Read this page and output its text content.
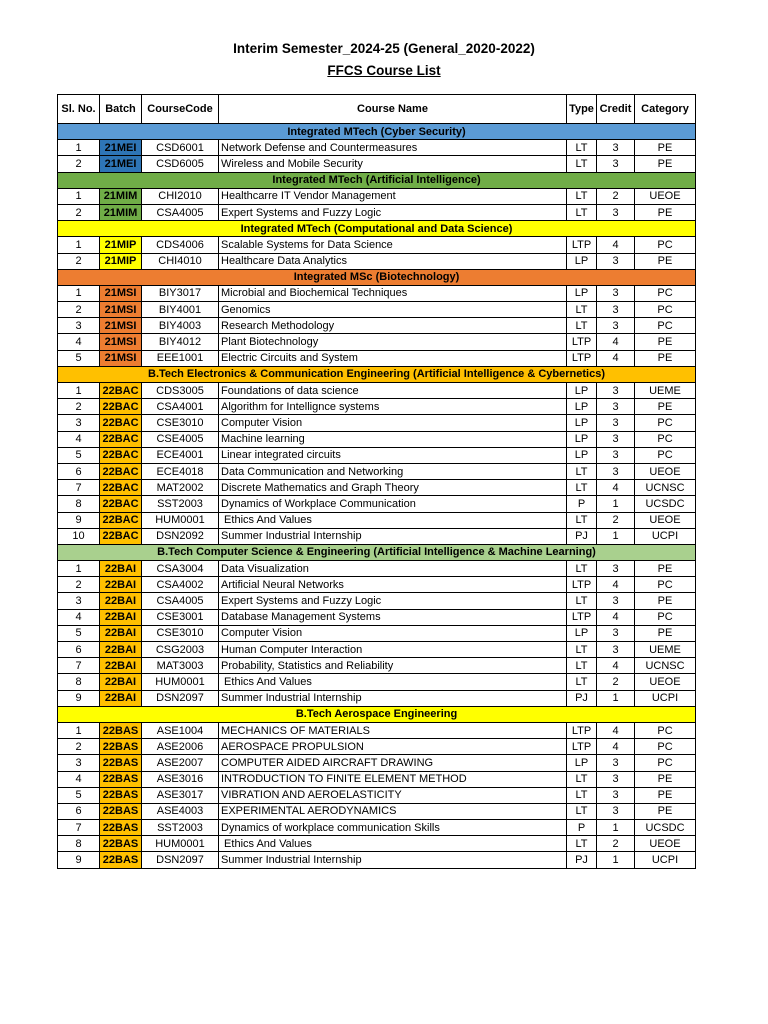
Interim Semester_2024-25 (General_2020-2022)
FFCS Course List
Sl. No.	Batch	CourseCode	Course Name	Type	Credit	Category
Integrated MTech (Cyber Security)						
1	21MEI	CSD6001	Network Defense and Countermeasures	LT	3	PE
2	21MEI	CSD6005	Wireless and Mobile Security	LT	3	PE
Integrated MTech (Artificial Intelligence)						
1	21MIM	CHI2010	Healthcarre IT Vendor Management	LT	2	UEOE
2	21MIM	CSA4005	Expert Systems and Fuzzy Logic	LT	3	PE
Integrated MTech (Computational and Data Science)						
1	21MIP	CDS4006	Scalable Systems for Data Science	LTP	4	PC
2	21MIP	CHI4010	Healthcare Data Analytics	LP	3	PE
Integrated MSc (Biotechnology)						
1	21MSI	BIY3017	Microbial and Biochemical Techniques	LP	3	PC
2	21MSI	BIY4001	Genomics	LT	3	PC
3	21MSI	BIY4003	Research Methodology	LT	3	PC
4	21MSI	BIY4012	Plant Biotechnology	LTP	4	PE
5	21MSI	EEE1001	Electric Circuits and System	LTP	4	PE
B.Tech Electronics & Communication Engineering (Artificial Intelligence & Cybernetics)						
1	22BAC	CDS3005	Foundations of data science	LP	3	UEME
2	22BAC	CSA4001	Algorithm for Intellignce systems	LP	3	PE
3	22BAC	CSE3010	Computer Vision	LP	3	PC
4	22BAC	CSE4005	Machine learning	LP	3	PC
5	22BAC	ECE4001	Linear integrated circuits	LP	3	PC
6	22BAC	ECE4018	Data Communication and Networking	LT	3	UEOE
7	22BAC	MAT2002	Discrete Mathematics and Graph Theory	LT	4	UCNSC
8	22BAC	SST2003	Dynamics of Workplace Communication	P	1	UCSDC
9	22BAC	HUM0001	Ethics And Values	LT	2	UEOE
10	22BAC	DSN2092	Summer Industrial Internship	PJ	1	UCPI
B.Tech Computer Science & Engineering (Artificial Intelligence & Machine Learning)						
1	22BAI	CSA3004	Data Visualization	LT	3	PE
2	22BAI	CSA4002	Artificial Neural Networks	LTP	4	PC
3	22BAI	CSA4005	Expert Systems and Fuzzy Logic	LT	3	PE
4	22BAI	CSE3001	Database Management Systems	LTP	4	PC
5	22BAI	CSE3010	Computer Vision	LP	3	PE
6	22BAI	CSG2003	Human Computer Interaction	LT	3	UEME
7	22BAI	MAT3003	Probability, Statistics and Reliability	LT	4	UCNSC
8	22BAI	HUM0001	Ethics And Values	LT	2	UEOE
9	22BAI	DSN2097	Summer Industrial Internship	PJ	1	UCPI
B.Tech Aerospace Engineering						
1	22BAS	ASE1004	MECHANICS OF MATERIALS	LTP	4	PC
2	22BAS	ASE2006	AEROSPACE PROPULSION	LTP	4	PC
3	22BAS	ASE2007	COMPUTER AIDED AIRCRAFT DRAWING	LP	3	PC
4	22BAS	ASE3016	INTRODUCTION TO FINITE ELEMENT METHOD	LT	3	PE
5	22BAS	ASE3017	VIBRATION AND AEROELASTICITY	LT	3	PE
6	22BAS	ASE4003	EXPERIMENTAL AERODYNAMICS	LT	3	PE
7	22BAS	SST2003	Dynamics of workplace communication Skills	P	1	UCSDC
8	22BAS	HUM0001	Ethics And Values	LT	2	UEOE
9	22BAS	DSN2097	Summer Industrial Internship	PJ	1	UCPI
